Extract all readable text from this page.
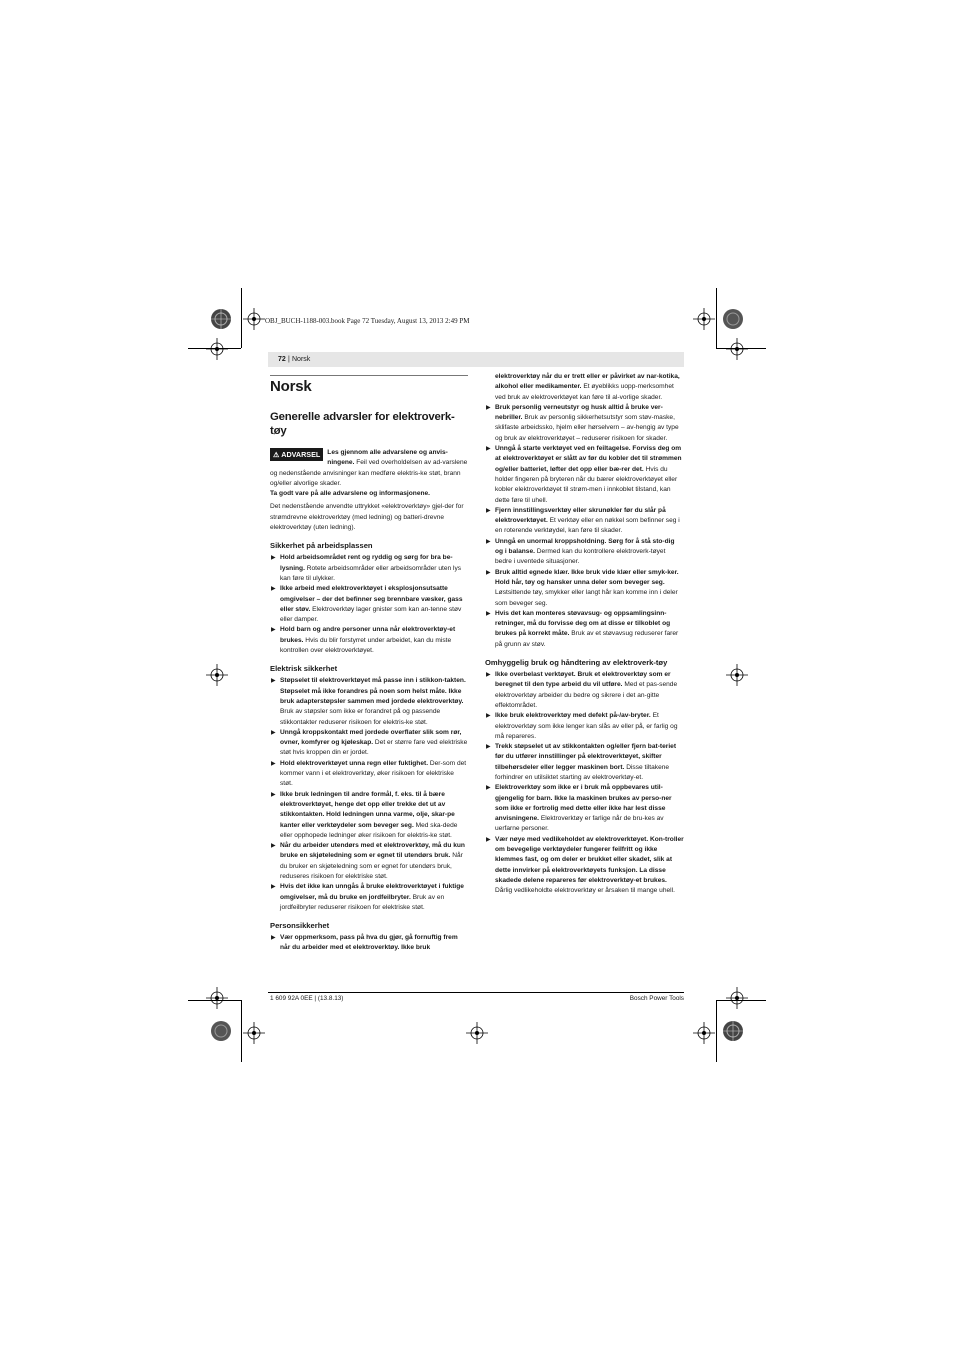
OBJ_BUCH-1188-003.book Page 72 Tuesday, August 13, 2013 2:49 PM
72 | Norsk
Norsk
Generelle advarsler for elektroverk-tøy

⚠ ADVARSEL	Les gjennom alle advarslene og anvis-ningene. Feil ved overholdelsen av ad-varslene og nedenstående anvisninger kan medføre elektris-ke støt, brann og/eller alvorlige skader.

Ta godt vare på alle advarslene og informasjonene.

Det nedenstående anvendte uttrykket «elektroverktøy» gjel-der for strømdrevne elektroverktøy (med ledning) og batteri-drevne elektroverktøy (uten ledning).

Sikkerhet på arbeidsplassen

▶ Hold arbeidsområdet rent og ryddig og sørg for bra be-lysning. Rotete arbeidsområder eller arbeidsområder uten lys kan føre til ulykker.

▶ Ikke arbeid med elektroverktøyet i eksplosjonsutsatte omgivelser – der det befinner seg brennbare væsker, gass eller støv. Elektroverktøy lager gnister som kan an-tenne støv eller damper.

▶ Hold barn og andre personer unna når elektroverktøy-et brukes. Hvis du blir forstyrret under arbeidet, kan du miste kontrollen over elektroverktøyet.

Elektrisk sikkerhet

▶ Støpselet til elektroverktøyet må passe inn i stikkon-takten. Støpselet må ikke forandres på noen som helst måte. Ikke bruk adapterstøpsler sammen med jordede elektroverktøy. Bruk av støpsler som ikke er forandret på og passende stikkontakter reduserer risikoen for elektris-ke støt.

▶ Unngå kroppskontakt med jordede overflater slik som rør, ovner, komfyrer og kjøleskap. Det er større fare ved elektriske støt hvis kroppen din er jordet.

▶ Hold elektroverktøyet unna regn eller fuktighet. Der-som det kommer vann i et elektroverktøy, øker risikoen for elektriske støt.

▶ Ikke bruk ledningen til andre formål, f. eks. til å bære elektroverktøyet, henge det opp eller trekke det ut av stikkontakten. Hold ledningen unna varme, olje, skar-pe kanter eller verktøydeler som beveger seg. Med ska-dede eller opphopede ledninger øker risikoen for elektris-ke støt.

▶ Når du arbeider utendørs med et elektroverktøy, må du kun bruke en skjøteledning som er egnet til utendørs bruk. Når du bruker en skjøteledning som er egnet for utendørs bruk, reduseres risikoen for elektriske støt.

▶ Hvis det ikke kan unngås å bruke elektroverktøyet i fuktige omgivelser, må du bruke en jordfeilbryter. Bruk av en jordfeilbryter reduserer risikoen for elektriske støt.

Personsikkerhet

▶ Vær oppmerksom, pass på hva du gjør, gå fornuftig frem når du arbeider med et elektroverktøy. Ikke bruk

elektroverktøy når du er trett eller er påvirket av nar-kotika, alkohol eller medikamenter. Et øyeblikks uopp-merksomhet ved bruk av elektroverktøyet kan føre til al-vorlige skader.

▶ Bruk personlig verneutstyr og husk alltid å bruke ver-nebriller. Bruk av personlig sikkerhetsutstyr som støv-maske, sklifaste arbeidssko, hjelm eller hørselvern – av-hengig av type og bruk av elektroverktøyet – reduserer risikoen for skader.

▶ Unngå å starte verktøyet ved en feiltagelse. Forviss deg om at elektroverktøyet er slått av før du kobler det til strømmen og/eller batteriet, løfter det opp eller bæ-rer det. Hvis du holder fingeren på bryteren når du bærer elektroverktøyet eller kobler elektroverktøyet til strøm-men i innkoblet tilstand, kan dette føre til uhell.

▶ Fjern innstillingsverktøy eller skrunøkler før du slår på elektroverktøyet. Et verktøy eller en nøkkel som befinner seg i en roterende verktøydel, kan føre til skader.

▶ Unngå en unormal kroppsholdning. Sørg for å stå sto-dig og i balanse. Dermed kan du kontrollere elektroverk-tøyet bedre i uventede situasjoner.

▶ Bruk alltid egnede klær. Ikke bruk vide klær eller smyk-ker. Hold hår, tøy og hansker unna deler som beveger seg. Løstsittende tøy, smykker eller langt hår kan komme inn i deler som beveger seg.

▶ Hvis det kan monteres støvavsug- og oppsamlingsinn-retninger, må du forvisse deg om at disse er tilkoblet og brukes på korrekt måte. Bruk av et støvavsug reduserer farer på grunn av støv.

Omhyggelig bruk og håndtering av elektroverk-tøy

▶ Ikke overbelast verktøyet. Bruk et elektroverktøy som er beregnet til den type arbeid du vil utføre. Med et pas-sende elektroverktøy arbeider du bedre og sikrere i det an-gitte effektområdet.

▶ Ikke bruk elektroverktøy med defekt på-/av-bryter. Et elektroverktøy som ikke lenger kan slås av eller på, er farlig og må repareres.

▶ Trekk støpselet ut av stikkontakten og/eller fjern bat-teriet før du utfører innstillinger på elektroverktøyet, skifter tilbehørsdeler eller legger maskinen bort. Disse tiltakene forhindrer en utilsiktet starting av elektroverktøy-et.

▶ Elektroverktøy som ikke er i bruk må oppbevares util-gjengelig for barn. Ikke la maskinen brukes av perso-ner som ikke er fortrolig med dette eller ikke har lest disse anvisningene. Elektroverktøy er farlige når de bru-kes av uerfarne personer.

▶ Vær nøye med vedlikeholdet av elektroverktøyet. Kon-troller om bevegelige verktøydeler fungerer feilfritt og ikke klemmes fast, og om deler er brukket eller skadet, slik at dette innvirker på elektroverktøyets funksjon. La disse skadede delene repareres før elektroverktøy-et brukes. Dårlig vedlikeholdte elektroverktøy er årsaken til mange uhell.

1 609 92A 0EE | (13.8.13)	Bosch Power Tools
